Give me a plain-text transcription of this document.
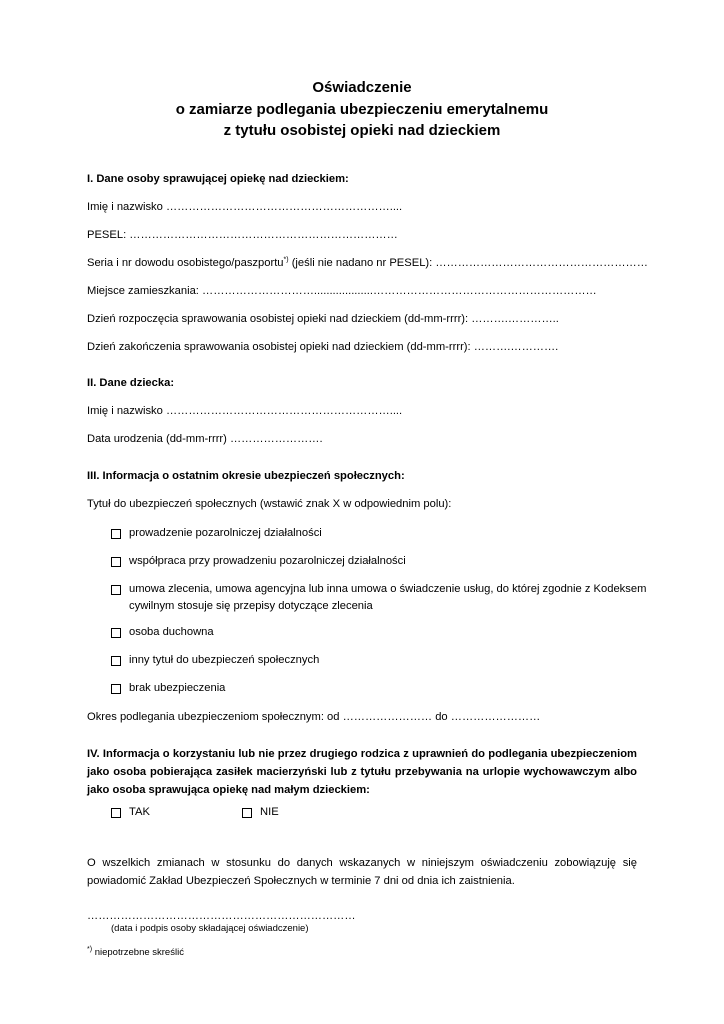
Oświadczenie
o zamiarze podlegania ubezpieczeniu emerytalnemu
z tytułu osobistej opieki nad dzieckiem
I. Dane osoby sprawującej opiekę nad dzieckiem:
Imię i nazwisko ……………………………………………………....
PESEL: ………………………………………………………………
Seria i nr dowodu osobistego/paszportu*) (jeśli nie nadano nr PESEL): …………………………………………………
Miejsce zamieszkania: …………………………...................……………………………………………………
Dzień rozpoczęcia sprawowania osobistej opieki nad dzieckiem (dd-mm-rrrr): ……….…………..
Dzień zakończenia sprawowania osobistej opieki nad dzieckiem (dd-mm-rrrr): ……….………….
II. Dane dziecka:
Imię i nazwisko ……………………………………………………....
Data urodzenia (dd-mm-rrrr) …………………….
III. Informacja o ostatnim okresie ubezpieczeń społecznych:
Tytuł do ubezpieczeń społecznych (wstawić znak X w odpowiednim polu):
prowadzenie pozarolniczej działalności
współpraca przy prowadzeniu pozarolniczej działalności
umowa zlecenia, umowa agencyjna lub inna umowa o świadczenie usług, do której zgodnie z Kodeksem
cywilnym stosuje się przepisy dotyczące zlecenia
osoba duchowna
inny tytuł do ubezpieczeń społecznych
brak ubezpieczenia
Okres podlegania ubezpieczeniom społecznym: od …………………… do ……………………
IV. Informacja o korzystaniu lub nie przez drugiego rodzica z uprawnień do podlegania ubezpieczeniom jako osoba pobierająca zasiłek macierzyński lub z tytułu przebywania na urlopie wychowawczym albo jako osoba sprawująca opiekę nad małym dzieckiem:
TAK	NIE
O wszelkich zmianach w stosunku do danych wskazanych w niniejszym oświadczeniu zobowiązuję się powiadomić Zakład Ubezpieczeń Społecznych w terminie 7 dni od dnia ich zaistnienia.
………………………………………………………………
(data i podpis osoby składającej oświadczenie)
*) niepotrzebne skreślić
